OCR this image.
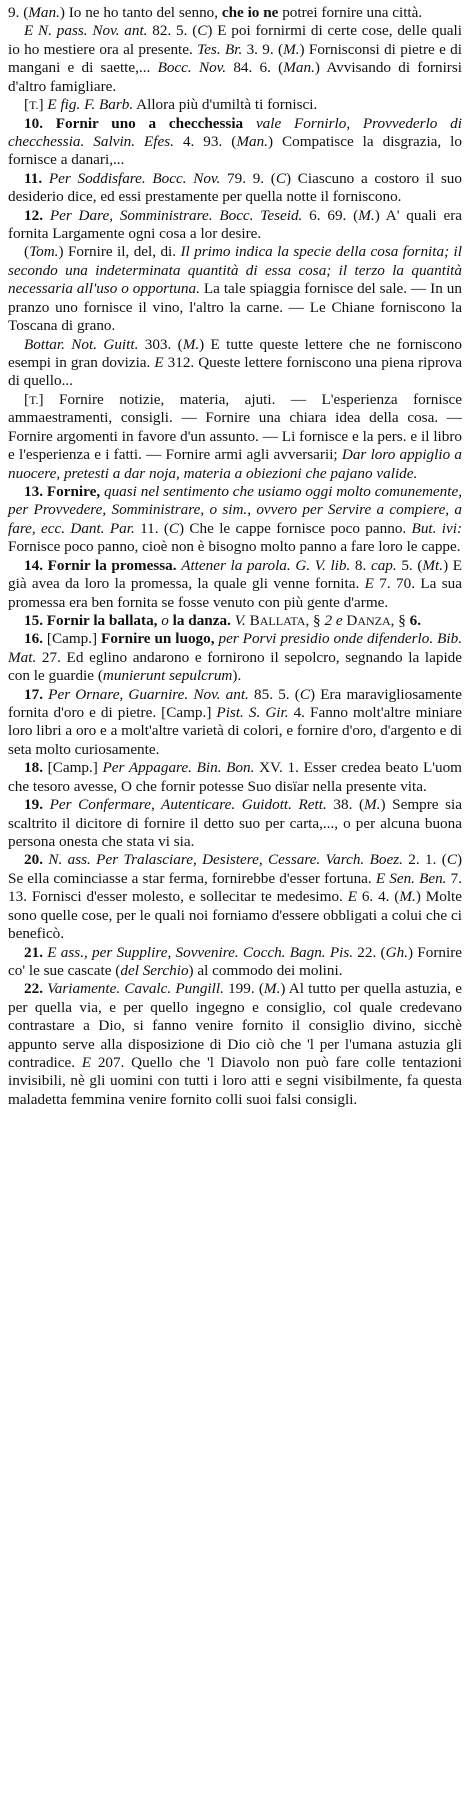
9. (Man.) Io ne ho tanto del senno, che io ne potrei fornire una città.

E N. pass. Nov. ant. 82. 5. (C) E poi fornirmi di certe cose, delle quali io ho mestiere ora al presente. Tes. Br. 3. 9. (M.) Fornisconsi di pietre e di mangani e di saette,... Bocc. Nov. 84. 6. (Man.) Avvisando di fornirsi d'altro famigliare.

[T.] E fig. F. Barb. Allora più d'umiltà ti fornisci.

10. Fornir uno a checchessia vale Fornirlo, Provvederlo di checchessia. Salvin. Efes. 4. 93. (Man.) Compatisce la disgrazia, lo fornisce a danari,...

11. Per Soddisfare. Bocc. Nov. 79. 9. (C) Ciascuno a costoro il suo desiderio dice, ed essi prestamente per quella notte il forniscono.

12. Per Dare, Somministrare. Bocc. Teseid. 6. 69. (M.) A' quali era fornita Largamente ogni cosa a lor desire.

(Tom.) Fornire il, del, di. Il primo indica la specie della cosa fornita; il secondo una indeterminata quantità di essa cosa; il terzo la quantità necessaria all'uso o opportuna. La tale spiaggia fornisce del sale. — In un pranzo uno fornisce il vino, l'altro la carne. — Le Chiane forniscono la Toscana di grano.

Bottar. Not. Guitt. 303. (M.) E tutte queste lettere che ne forniscono esempi in gran dovizia. E 312. Queste lettere forniscono una piena riprova di quello...

[T.] Fornire notizie, materia, ajuti. — L'esperienza fornisce ammaestramenti, consigli. — Fornire una chiara idea della cosa. — Fornire argomenti in favore d'un assunto. — Li fornisce e la pers. e il libro e l'esperienza e i fatti. — Fornire armi agli avversarii; Dar loro appiglio a nuocere, pretesti a dar noja, materia a obiezioni che pajano valide.

13. Fornire, quasi nel sentimento che usiamo oggi molto comunemente, per Provvedere, Somministrare, o sim., ovvero per Servire a compiere, a fare, ecc. Dant. Par. 11. (C) Che le cappe fornisce poco panno. But. ivi: Fornisce poco panno, cioè non è bisogno molto panno a fare loro le cappe.

14. Fornir la promessa. Attener la parola. G. V. lib. 8. cap. 5. (Mt.) E già avea da loro la promessa, la quale gli venne fornita. E 7. 70. La sua promessa era ben fornita se fosse venuto con più gente d'arme.

15. Fornir la ballata, o la danza. V. BALLATA, § 2 e DANZA, § 6.

16. [Camp.] Fornire un luogo, per Porvi presidio onde difenderlo. Bib. Mat. 27. Ed eglino andarono e fornirono il sepolcro, segnando la lapide con le guardie (munierunt sepulcrum).

17. Per Ornare, Guarnire. Nov. ant. 85. 5. (C) Era maravigliosamente fornita d'oro e di pietre. [Camp.] Pist. S. Gir. 4. Fanno molt'altre miniare loro libri a oro e a molt'altre varietà di colori, e fornire d'oro, d'argento e di seta molto curiosamente.

18. [Camp.] Per Appagare. Bin. Bon. XV. 1. Esser credea beato L'uom che tesoro avesse, O che fornir potesse Suo disïar nella presente vita.

19. Per Confermare, Autenticare. Guidott. Rett. 38. (M.) Sempre sia scaltrito il dicitore di fornire il detto suo per carta,..., o per alcuna buona persona onesta che stata vi sia.

20. N. ass. Per Tralasciare, Desistere, Cessare. Varch. Boez. 2. 1. (C) Se ella cominciasse a star ferma, fornirebbe d'esser fortuna. E Sen. Ben. 7. 13. Fornisci d'esser molesto, e sollecitar te medesimo. E 6. 4. (M.) Molte sono quelle cose, per le quali noi forniamo d'essere obbligati a colui che ci beneficò.

21. E ass., per Supplire, Sovvenire. Cocch. Bagn. Pis. 22. (Gh.) Fornire co' le sue cascate (del Serchio) al commodo dei molini.

22. Variamente. Cavalc. Pungill. 199. (M.) Al tutto per quella astuzia, e per quella via, e per quello ingegno e consiglio, col quale credevano contrastare a Dio, si fanno venire fornito il consiglio divino, sicchè appunto serve alla disposizione di Dio ciò che 'l per l'umana astuzia gli contradice. E 207. Quello che 'l Diavolo non può fare colle tentazioni invisibili, nè gli uomini con tutti i loro atti e segni visibilmente, fa questa maladetta femmina venire fornito colli suoi falsi consigli.
